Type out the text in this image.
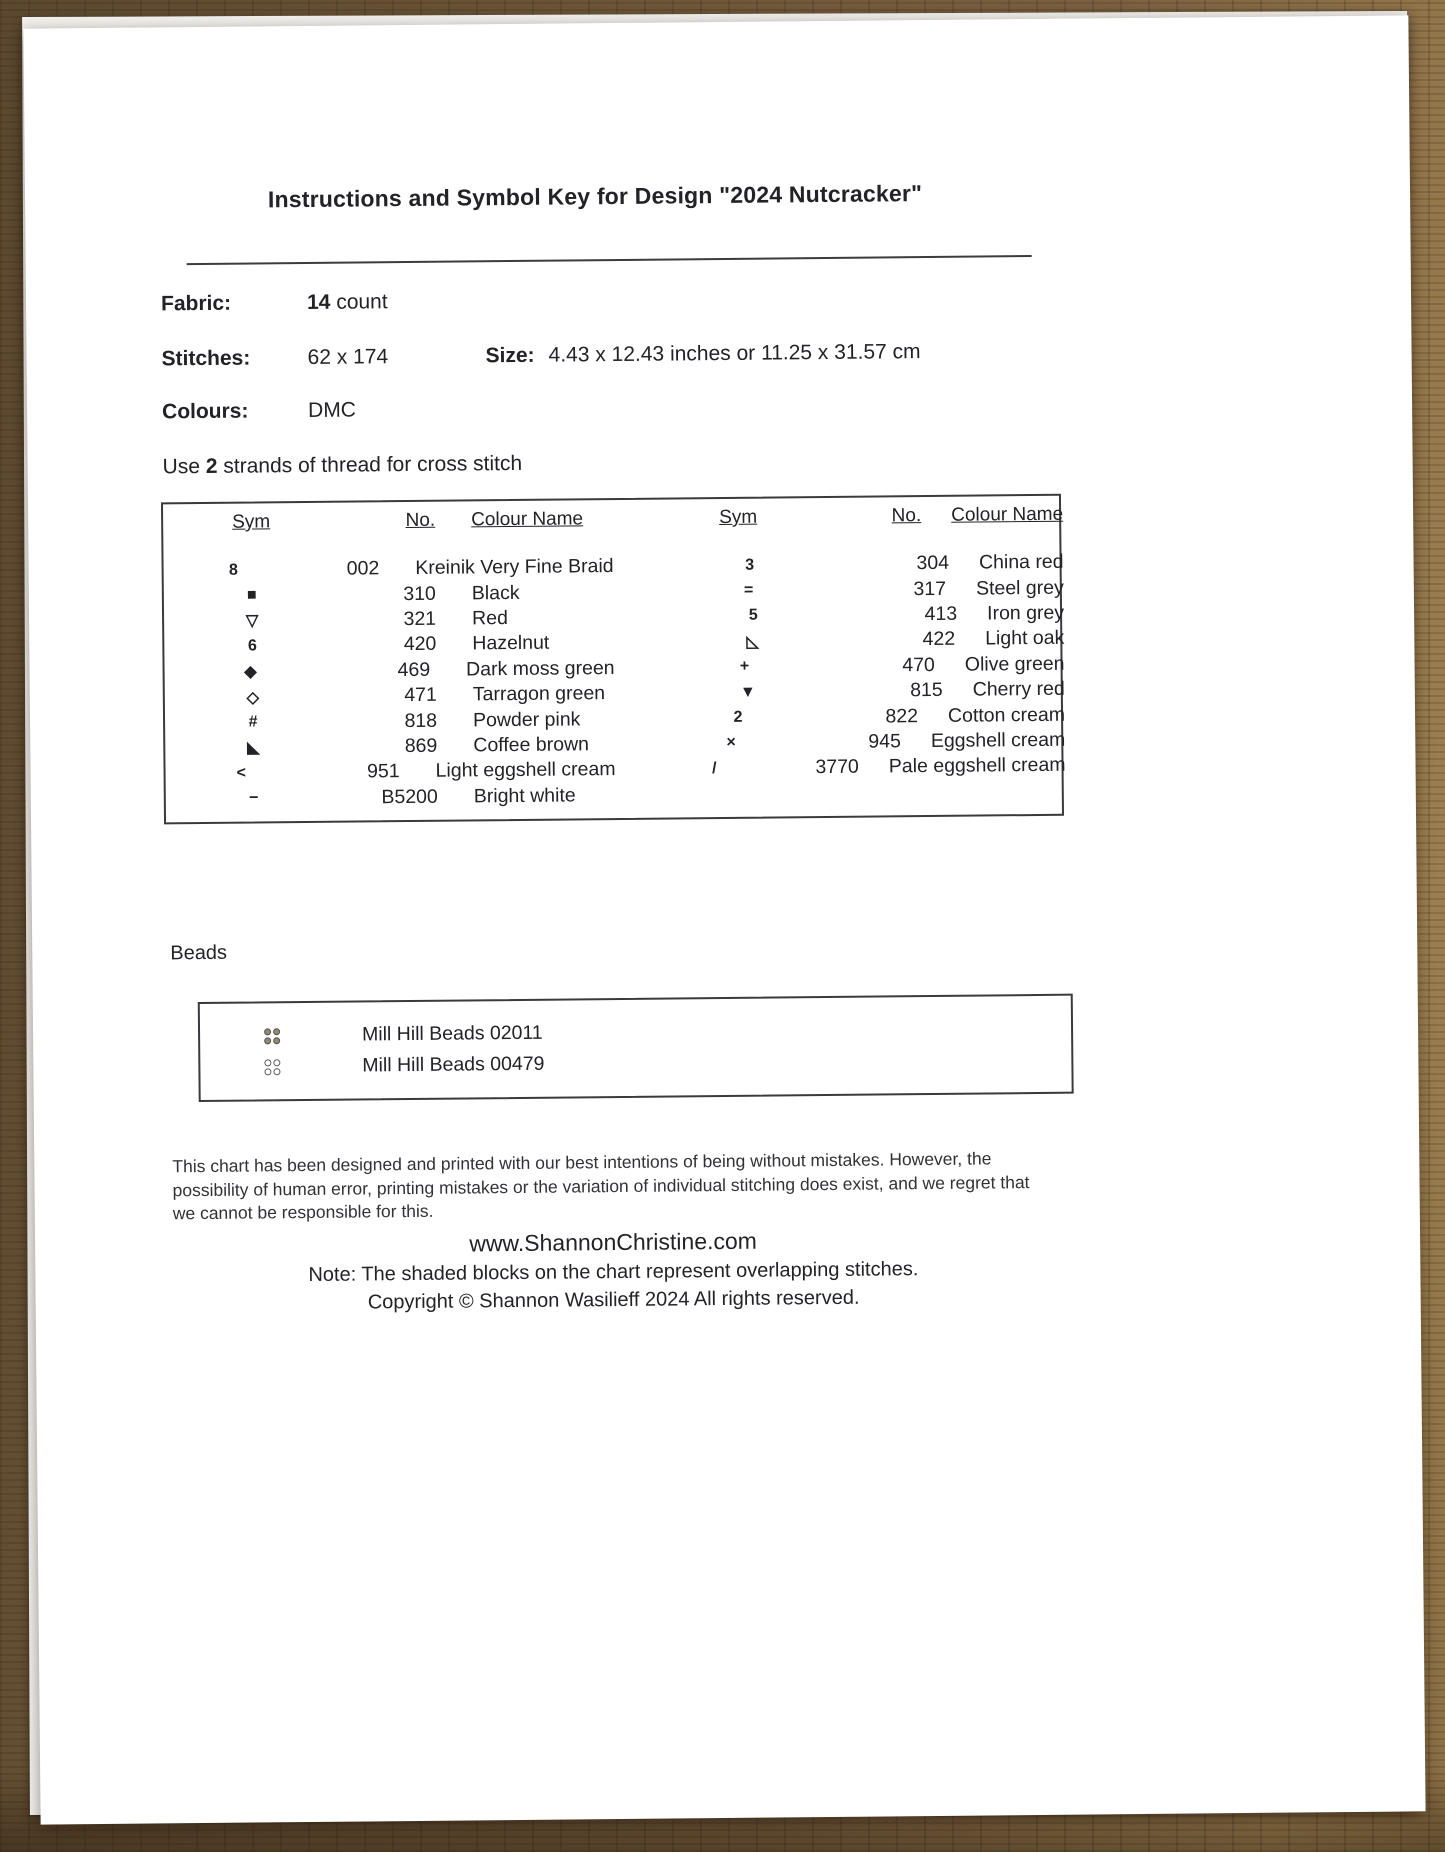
Instructions and Symbol Key for Design "2024 Nutcracker"
Fabric:	14 count
Stitches:	62 x 174	Size: 4.43 x 12.43 inches or 11.25 x 31.57 cm
Colours:	DMC
Use 2 strands of thread for cross stitch
Sym	No. Colour Name
8	002 Kreinik Very Fine Braid
■	310 Black
▽	321 Red
6	420 Hazelnut
◆	469 Dark moss green
◇	471 Tarragon green
#	818 Powder pink
◣	869 Coffee brown
<	951 Light eggshell cream
−	B5200 Bright white
Sym	No. Colour Name
3	304 China red
=	317 Steel grey
5	413 Iron grey
◺	422 Light oak
+	470 Olive green
▼	815 Cherry red
2	822 Cotton cream
×	945 Eggshell cream
/	3770 Pale eggshell cream
Beads
Mill Hill Beads 02011
Mill Hill Beads 00479

This chart has been designed and printed with our best intentions of being without mistakes. However, the possibility of human error, printing mistakes or the variation of individual stitching does exist, and we regret that we cannot be responsible for this.

www.ShannonChristine.com
Note: The shaded blocks on the chart represent overlapping stitches.
Copyright © Shannon Wasilieff 2024 All rights reserved.
